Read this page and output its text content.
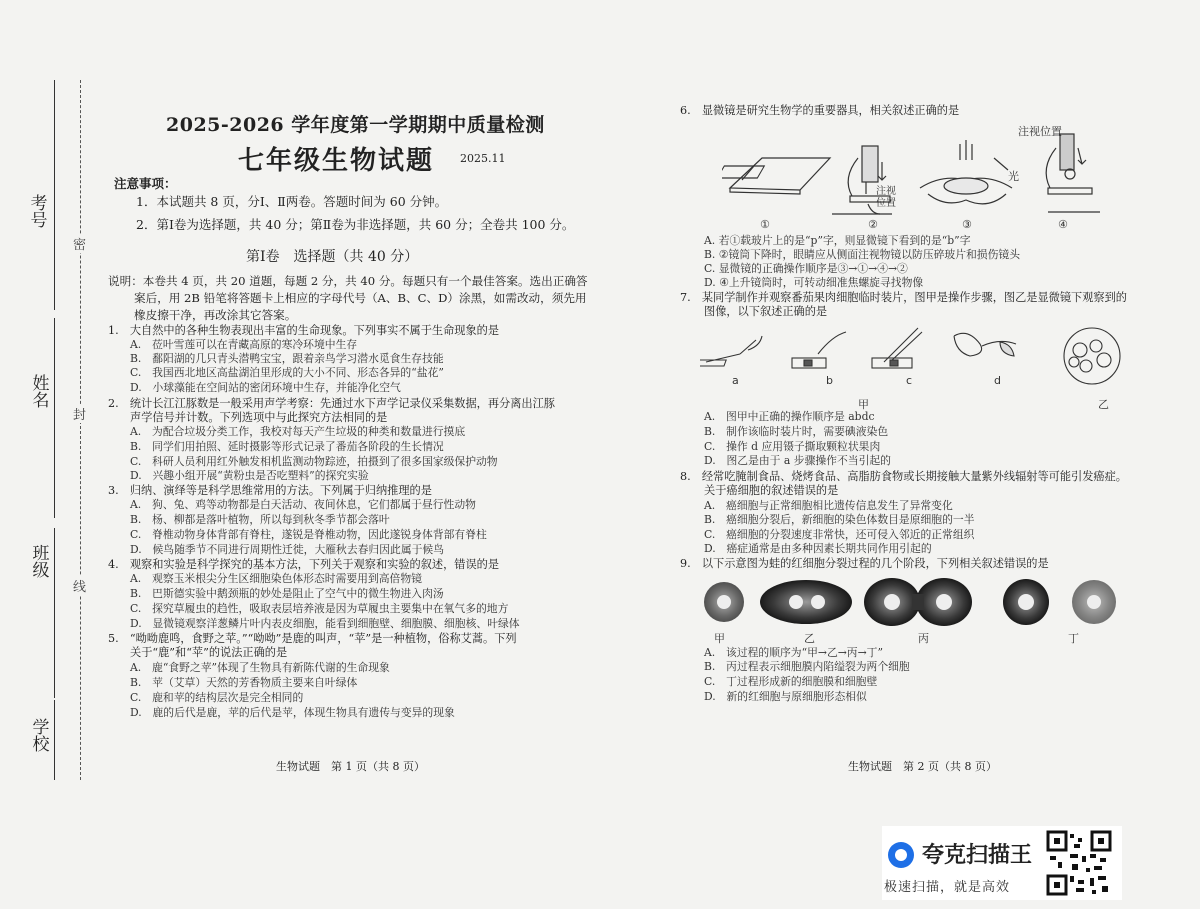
考号
姓名
班级
学校
密
封
线
2025-2026 学年度第一学期期中质量检测
七年级生物试题 2025.11
注意事项：
1．本试题共 8 页，分Ⅰ、Ⅱ两卷。答题时间为 60 分钟。
2．第Ⅰ卷为选择题，共 40 分；第Ⅱ卷为非选择题，共 60 分；全卷共 100 分。
第Ⅰ卷　选择题（共 40 分）
说明：本卷共 4 页，共 20 道题，每题 2 分，共 40 分。每题只有一个最佳答案。选出正确答
案后，用 2B 铅笔将答题卡上相应的字母代号（A、B、C、D）涂黑，如需改动，须先用
橡皮擦干净，再改涂其它答案。
1.　大自然中的各种生物表现出丰富的生命现象。下列事实不属于生命现象的是
A.　莅叶雪莲可以在青藏高原的寒冷环境中生存
B.　鄱阳湖的几只青头潜鸭宝宝，跟着亲鸟学习潜水觅食生存技能
C.　我国西北地区高盐湖泊里形成的大小不同、形态各异的“盐花”
D.　小球藻能在空间站的密闭环境中生存，并能净化空气
2.　统计长江江豚数是一般采用声学考察：先通过水下声学记录仪采集数据，再分离出江豚
声学信号并计数。下列选项中与此探究方法相同的是
A.　为配合垃圾分类工作，我校对每天产生垃圾的种类和数量进行摸底
B.　同学们用拍照、延时摄影等形式记录了番茄各阶段的生长情况
C.　科研人员利用红外触发相机监测动物踪迹，拍摄到了很多国家级保护动物
D.　兴趣小组开展“黄粉虫是否吃塑料”的探究实验
3.　归纳、演绎等是科学思维常用的方法。下列属于归纳推理的是
A.　狗、兔、鸡等动物都是白天活动、夜间休息，它们都属于昼行性动物
B.　杨、柳都是落叶植物，所以每到秋冬季节都会落叶
C.　脊椎动物身体背部有脊柱，遂锐是脊椎动物，因此遂锐身体背部有脊柱
D.　候鸟随季节不同进行周期性迁徙，大雁秋去春归因此属于候鸟
4.　观察和实验是科学探究的基本方法，下列关于观察和实验的叙述，错误的是
A.　观察玉米根尖分生区细胞染色体形态时需要用到高倍物镜
B.　巴斯德实验中鹅颈瓶的妙处是阻止了空气中的微生物进入肉汤
C.　探究草履虫的趋性，吸取表层培养液是因为草履虫主要集中在氧气多的地方
D.　显微镜观察洋葱鳞片叶内表皮细胞，能看到细胞壁、细胞膜、细胞核、叶绿体
5.　“呦呦鹿鸣，食野之苹。”“呦呦”是鹿的叫声，“苹”是一种植物，俗称艾蒿。下列
关于“鹿”和“苹”的说法正确的是
A.　鹿“食野之苹”体现了生物具有新陈代谢的生命现象
B.　苹（艾草）天然的芳香物质主要来自叶绿体
C.　鹿和苹的结构层次是完全相同的
D.　鹿的后代是鹿，苹的后代是苹，体现生物具有遗传与变异的现象
生物试题　第 1 页（共 8 页）
6.　显微镜是研究生物学的重要器具，相关叙述正确的是
注视位置
注视位置
光
①	②	③	④
A. 若①载玻片上的是“p”字，则显微镜下看到的是“b”字
B. ②镜筒下降时，眼睛应从侧面注视物镜以防压碎玻片和损伤镜头
C. 显微镜的正确操作顺序是③→①→④→②
D. ④上升镜筒时，可转动细准焦螺旋寻找物像
7.　某同学制作并观察番茄果肉细胞临时装片，图甲是操作步骤，图乙是显微镜下观察到的
图像，以下叙述正确的是
a	b	c	d
甲	乙
A.　图甲中正确的操作顺序是 abdc
B.　制作该临时装片时，需要碘液染色
C.　操作 d 应用镊子撕取颗粒状果肉
D.　图乙是由于 a 步骤操作不当引起的
8.　经常吃腌制食品、烧烤食品、高脂肪食物或长期接触大量紫外线辐射等可能引发癌症。
关于癌细胞的叙述错误的是
A.　癌细胞与正常细胞相比遗传信息发生了异常变化
B.　癌细胞分裂后，新细胞的染色体数目是原细胞的一半
C.　癌细胞的分裂速度非常快，还可侵入邻近的正常组织
D.　癌症通常是由多种因素长期共同作用引起的
9.　以下示意图为蛙的红细胞分裂过程的几个阶段，下列相关叙述错误的是
甲	乙	丙	丁
A.　该过程的顺序为“甲→乙→丙→丁”
B.　丙过程表示细胞膜内陷缢裂为两个细胞
C.　丁过程形成新的细胞膜和细胞壁
D.　新的红细胞与原细胞形态相似
生物试题　第 2 页（共 8 页）
夸克扫描王
极速扫描，就是高效
